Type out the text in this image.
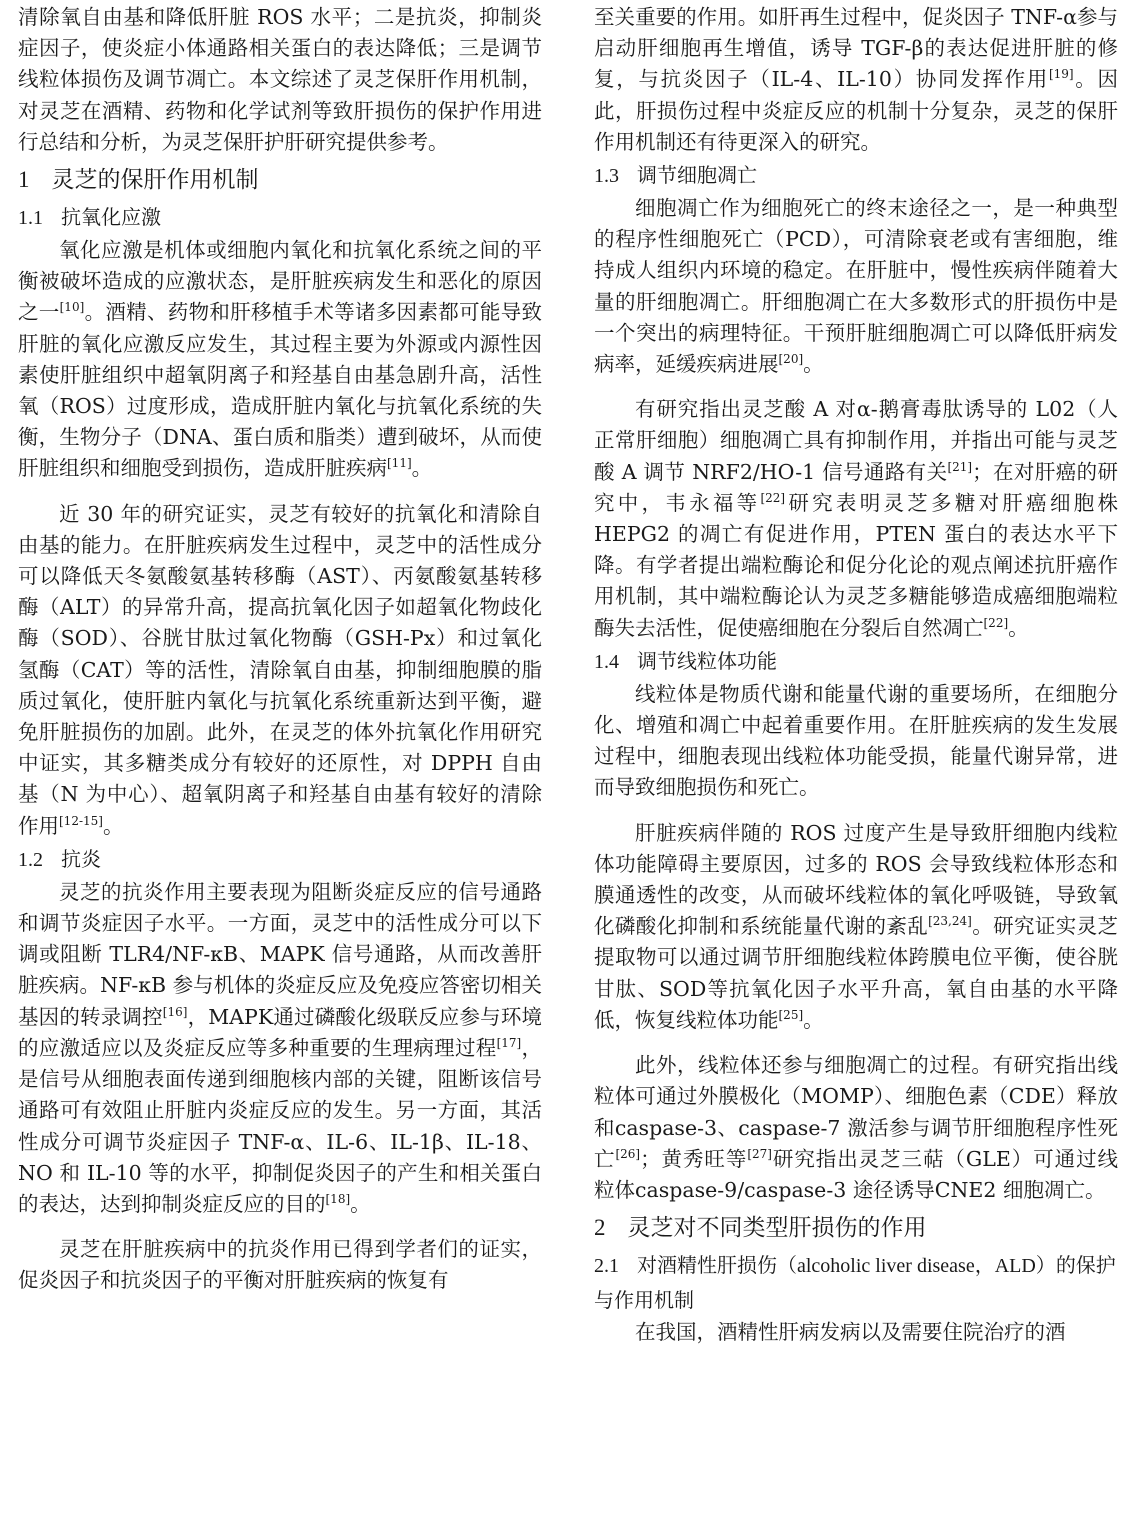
清除氧自由基和降低肝脏 ROS 水平；二是抗炎，抑制炎症因子，使炎症小体通路相关蛋白的表达降低；三是调节线粒体损伤及调节凋亡。本文综述了灵芝保肝作用机制，对灵芝在酒精、药物和化学试剂等致肝损伤的保护作用进行总结和分析，为灵芝保肝护肝研究提供参考。

1 灵芝的保肝作用机制
1.1 抗氧化应激

氧化应激是机体或细胞内氧化和抗氧化系统之间的平衡被破坏造成的应激状态，是肝脏疾病发生和恶化的原因之一[10]。酒精、药物和肝移植手术等诸多因素都可能导致肝脏的氧化应激反应发生，其过程主要为外源或内源性因素使肝脏组织中超氧阴离子和羟基自由基急剧升高，活性氧（ROS）过度形成，造成肝脏内氧化与抗氧化系统的失衡，生物分子（DNA、蛋白质和脂类）遭到破坏，从而使肝脏组织和细胞受到损伤，造成肝脏疾病[11]。

近 30 年的研究证实，灵芝有较好的抗氧化和清除自由基的能力。在肝脏疾病发生过程中，灵芝中的活性成分可以降低天冬氨酸氨基转移酶（AST）、丙氨酸氨基转移酶（ALT）的异常升高，提高抗氧化因子如超氧化物歧化酶（SOD）、谷胱甘肽过氧化物酶（GSH-Px）和过氧化氢酶（CAT）等的活性，清除氧自由基，抑制细胞膜的脂质过氧化，使肝脏内氧化与抗氧化系统重新达到平衡，避免肝脏损伤的加剧。此外，在灵芝的体外抗氧化作用研究中证实，其多糖类成分有较好的还原性，对 DPPH 自由基（N 为中心）、超氧阴离子和羟基自由基有较好的清除作用[12-15]。

1.2 抗炎

灵芝的抗炎作用主要表现为阻断炎症反应的信号通路和调节炎症因子水平。一方面，灵芝中的活性成分可以下调或阻断 TLR4/NF-κB、MAPK 信号通路，从而改善肝脏疾病。NF-κB 参与机体的炎症反应及免疫应答密切相关基因的转录调控[16]，MAPK通过磷酸化级联反应参与环境的应激适应以及炎症反应等多种重要的生理病理过程[17]，是信号从细胞表面传递到细胞核内部的关键，阻断该信号通路可有效阻止肝脏内炎症反应的发生。另一方面，其活性成分可调节炎症因子 TNF-α、IL-6、IL-1β、IL-18、NO 和 IL-10 等的水平，抑制促炎因子的产生和相关蛋白的表达，达到抑制炎症反应的目的[18]。

灵芝在肝脏疾病中的抗炎作用已得到学者们的证实，促炎因子和抗炎因子的平衡对肝脏疾病的恢复有

至关重要的作用。如肝再生过程中，促炎因子 TNF-α参与启动肝细胞再生增值，诱导 TGF-β的表达促进肝脏的修复，与抗炎因子（IL-4、IL-10）协同发挥作用[19]。因此，肝损伤过程中炎症反应的机制十分复杂，灵芝的保肝作用机制还有待更深入的研究。

1.3 调节细胞凋亡

细胞凋亡作为细胞死亡的终末途径之一，是一种典型的程序性细胞死亡（PCD），可清除衰老或有害细胞，维持成人组织内环境的稳定。在肝脏中，慢性疾病伴随着大量的肝细胞凋亡。肝细胞凋亡在大多数形式的肝损伤中是一个突出的病理特征。干预肝脏细胞凋亡可以降低肝病发病率，延缓疾病进展[20]。

有研究指出灵芝酸 A 对α-鹅膏毒肽诱导的 L02（人正常肝细胞）细胞凋亡具有抑制作用，并指出可能与灵芝酸 A 调节 NRF2/HO-1 信号通路有关[21]；在对肝癌的研究中，韦永福等[22]研究表明灵芝多糖对肝癌细胞株 HEPG2 的凋亡有促进作用，PTEN 蛋白的表达水平下降。有学者提出端粒酶论和促分化论的观点阐述抗肝癌作用机制，其中端粒酶论认为灵芝多糖能够造成癌细胞端粒酶失去活性，促使癌细胞在分裂后自然凋亡[22]。

1.4 调节线粒体功能

线粒体是物质代谢和能量代谢的重要场所，在细胞分化、增殖和凋亡中起着重要作用。在肝脏疾病的发生发展过程中，细胞表现出线粒体功能受损，能量代谢异常，进而导致细胞损伤和死亡。

肝脏疾病伴随的 ROS 过度产生是导致肝细胞内线粒体功能障碍主要原因，过多的 ROS 会导致线粒体形态和膜通透性的改变，从而破坏线粒体的氧化呼吸链，导致氧化磷酸化抑制和系统能量代谢的紊乱[23,24]。研究证实灵芝提取物可以通过调节肝细胞线粒体跨膜电位平衡，使谷胱甘肽、SOD等抗氧化因子水平升高，氧自由基的水平降低，恢复线粒体功能[25]。

此外，线粒体还参与细胞凋亡的过程。有研究指出线粒体可通过外膜极化（MOMP）、细胞色素（CDE）释放和caspase-3、caspase-7 激活参与调节肝细胞程序性死亡[26]；黄秀旺等[27]研究指出灵芝三萜（GLE）可通过线粒体caspase-9/caspase-3 途径诱导CNE2 细胞凋亡。

2 灵芝对不同类型肝损伤的作用
2.1 对酒精性肝损伤（alcoholic liver disease，ALD）的保护与作用机制

在我国，酒精性肝病发病以及需要住院治疗的酒
